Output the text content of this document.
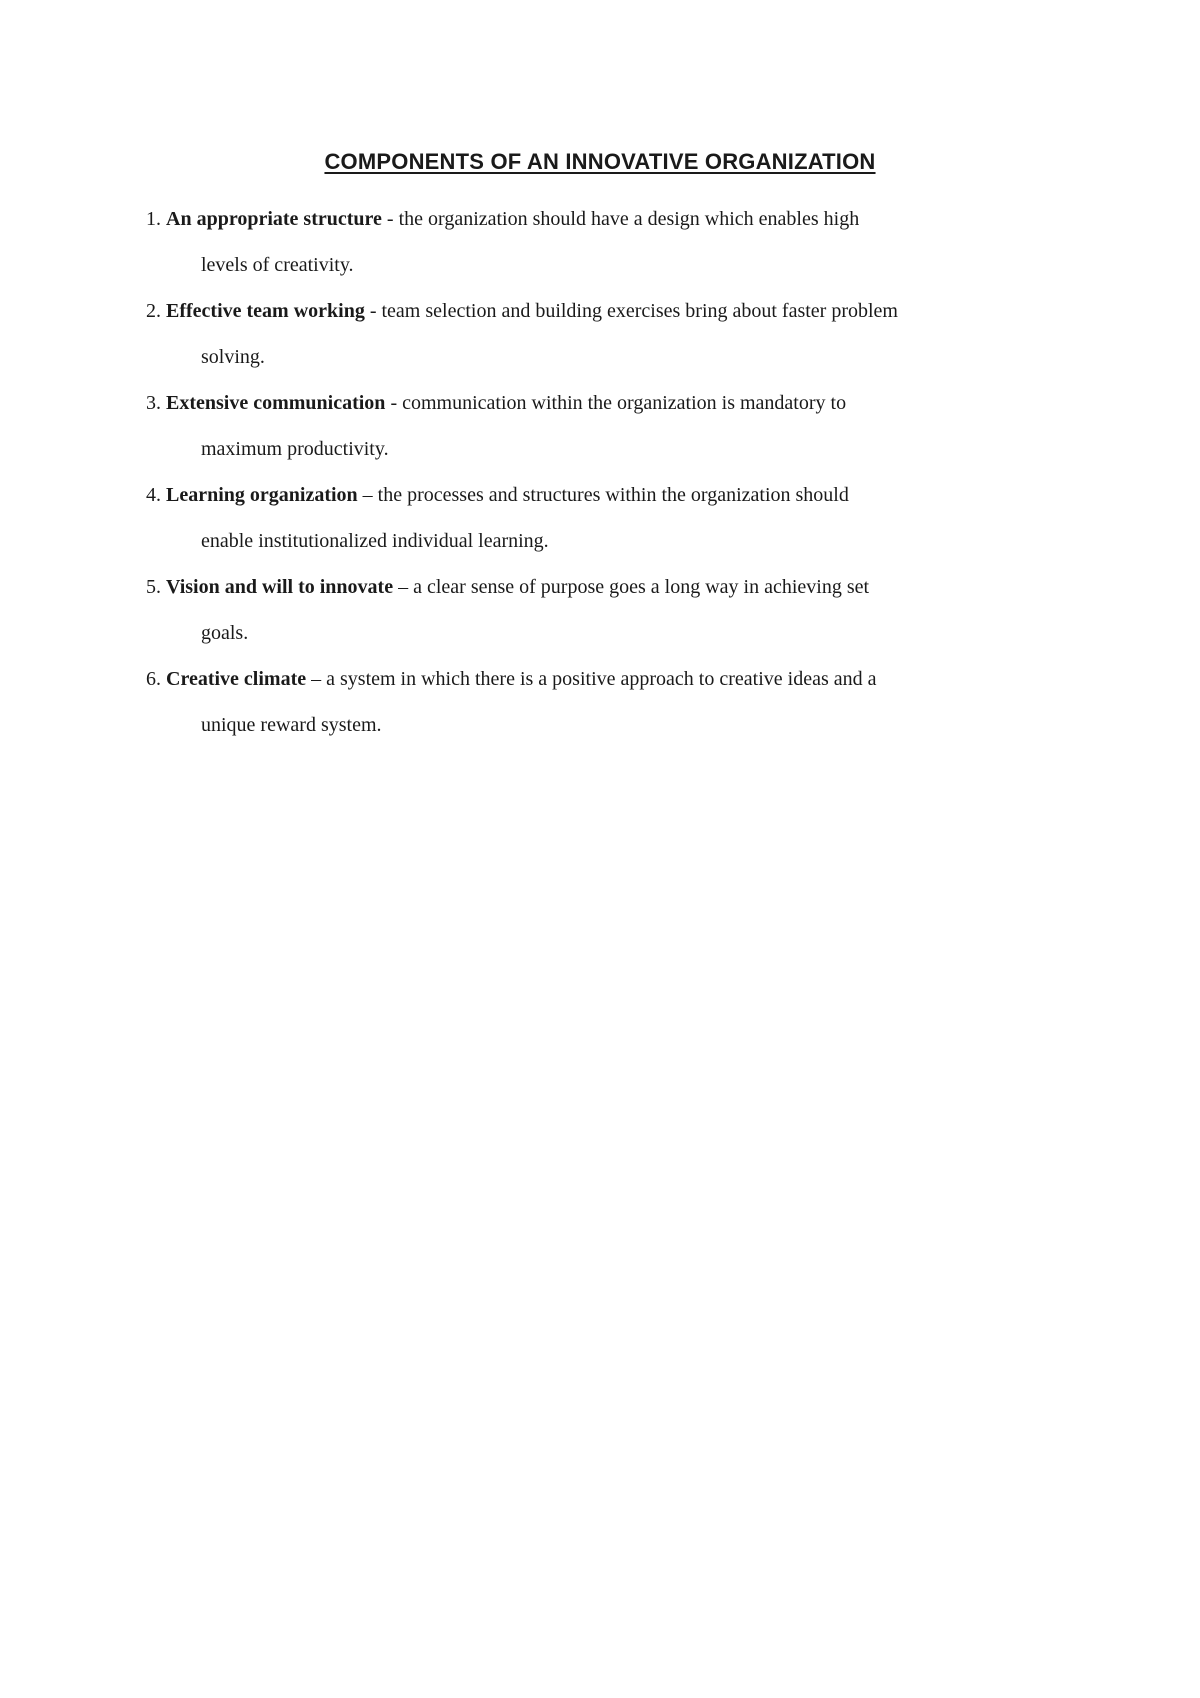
COMPONENTS OF AN INNOVATIVE ORGANIZATION
1. An appropriate structure - the organization should have a design which enables high
levels of creativity.
2. Effective team working - team selection and building exercises bring about faster problem
solving.
3. Extensive communication - communication within the organization is mandatory to
maximum productivity.
4. Learning organization – the processes and structures within the organization should
enable institutionalized individual learning.
5. Vision and will to innovate – a clear sense of purpose goes a long way in achieving set
goals.
6. Creative climate – a system in which there is a positive approach to creative ideas and a
unique reward system.
